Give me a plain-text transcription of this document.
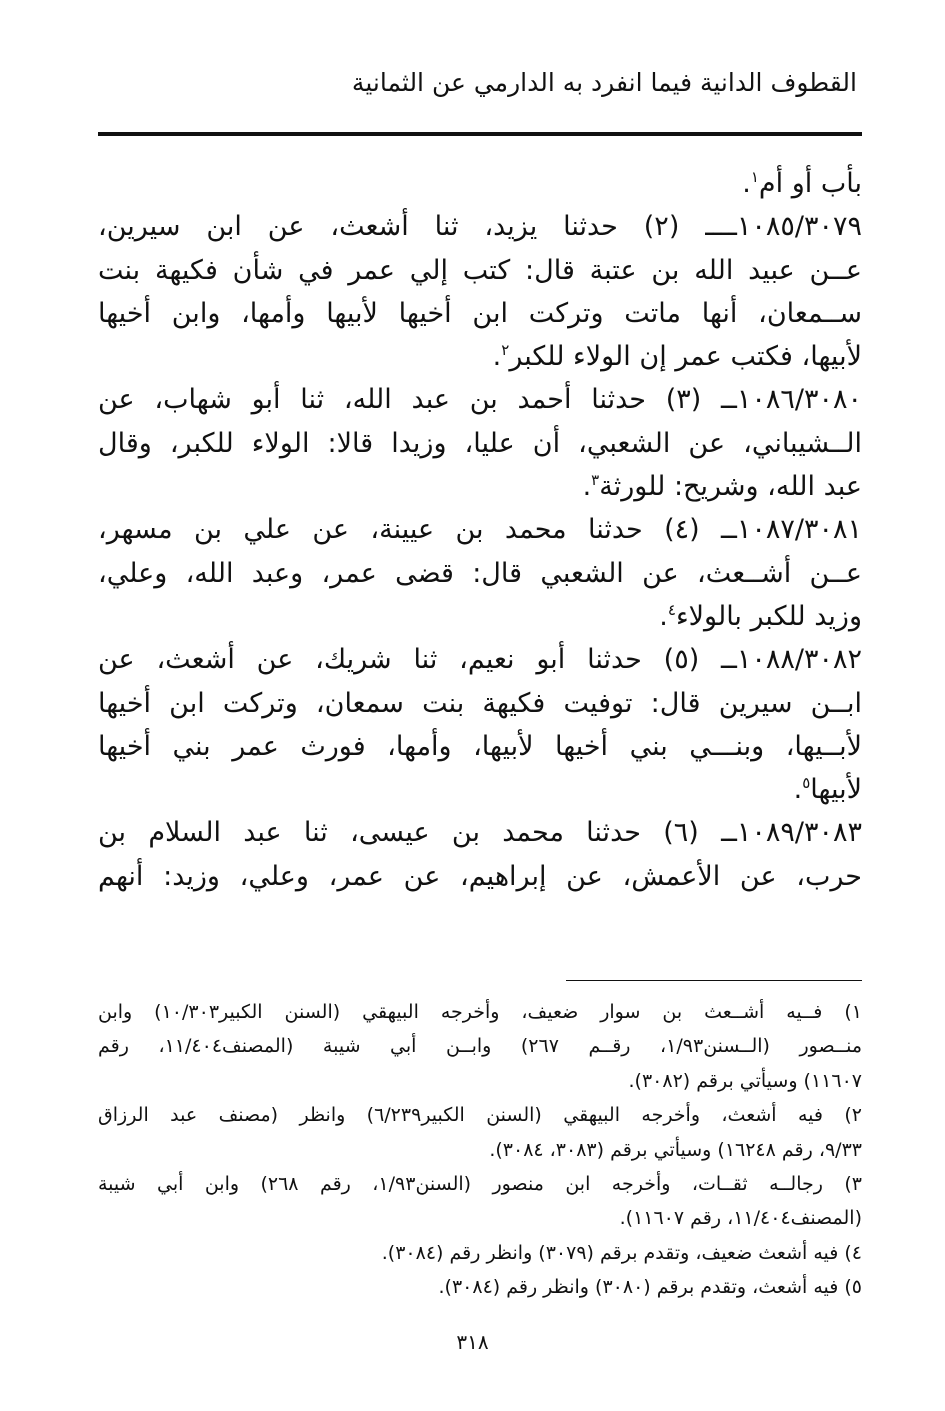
القطوف الدانية فيما انفرد به الدارمي عن الثمانية
بأب أو أم$^١$.
١٠٨٥/٣٠٧٩ــــ (٢) حدثنا يزيد، ثنا أشعث، عن ابن سيرين،
عــن عبيد الله بن عتبة قال: كتب إلي عمر في شأن فكيهة بنت
ســمعان، أنها ماتت وتركت ابن أخيها لأبيها وأمها، وابن أخيها
لأبيها، فكتب عمر إن الولاء للكبر$^٢$.
١٠٨٦/٣٠٨٠ــ (٣) حدثنا أحمد بن عبد الله، ثنا أبو شهاب، عن
الــشيباني، عن الشعبي، أن عليا، وزيدا قالا: الولاء للكبر، وقال
عبد الله، وشريح: للورثة$^٣$.
١٠٨٧/٣٠٨١ــ (٤) حدثنا محمد بن عيينة، عن علي بن مسهر،
عــن أشــعث، عن الشعبي قال: قضى عمر، وعبد الله، وعلي،
وزيد للكبر بالولاء$^٤$.
١٠٨٨/٣٠٨٢ــ (٥) حدثنا أبو نعيم، ثنا شريك، عن أشعث، عن
ابــن سيرين قال: توفيت فكيهة بنت سمعان، وتركت ابن أخيها
لأبــيها، وبنـــي بني أخيها لأبيها، وأمها، فورث عمر بني أخيها
لأبيها$^٥$.
١٠٨٩/٣٠٨٣ــ (٦) حدثنا محمد بن عيسى، ثنا عبد السلام بن
حرب، عن الأعمش، عن إبراهيم، عن عمر، وعلي، وزيد: أنهم
١) فــيه أشــعث بن سوار ضعيف، وأخرجه البيهقي (السنن الكبير١٠/٣٠٣) وابن
منــصور (الــسنن١/٩٣، رقــم ٢٦٧) وابــن أبي شيبة (المصنف١١/٤٠٤، رقم
١١٦٠٧) وسيأتي برقم (٣٠٨٢).
٢) فيه أشعث، وأخرجه البيهقي (السنن الكبير٦/٢٣٩) وانظر (مصنف عبد الرزاق
٩/٣٣، رقم ١٦٢٤٨) وسيأتي برقم (٣٠٨٣، ٣٠٨٤).
٣) رجالــه ثقــات، وأخرجه ابن منصور (السنن١/٩٣، رقم ٢٦٨) وابن أبي شيبة
(المصنف١١/٤٠٤، رقم ١١٦٠٧).
٤) فيه أشعث ضعيف، وتقدم برقم (٣٠٧٩) وانظر رقم (٣٠٨٤).
٥) فيه أشعث، وتقدم برقم (٣٠٨٠) وانظر رقم (٣٠٨٤).
٣١٨
